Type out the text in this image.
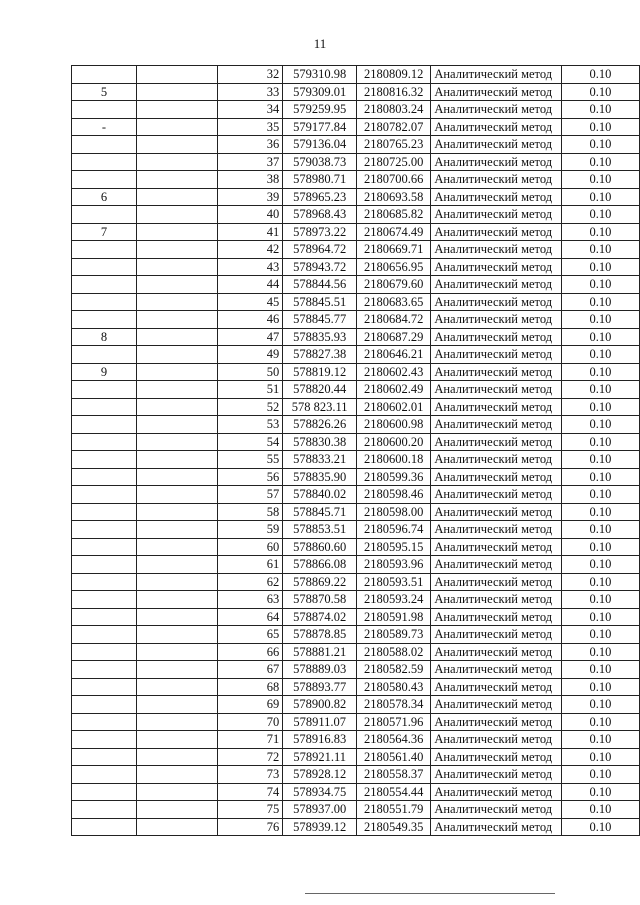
11
		32	579310.98	2180809.12	Аналитический метод	0.10
5		33	579309.01	2180816.32	Аналитический метод	0.10
		34	579259.95	2180803.24	Аналитический метод	0.10
-		35	579177.84	2180782.07	Аналитический метод	0.10
		36	579136.04	2180765.23	Аналитический метод	0.10
		37	579038.73	2180725.00	Аналитический метод	0.10
		38	578980.71	2180700.66	Аналитический метод	0.10
6		39	578965.23	2180693.58	Аналитический метод	0.10
		40	578968.43	2180685.82	Аналитический метод	0.10
7		41	578973.22	2180674.49	Аналитический метод	0.10
		42	578964.72	2180669.71	Аналитический метод	0.10
		43	578943.72	2180656.95	Аналитический метод	0.10
		44	578844.56	2180679.60	Аналитический метод	0.10
		45	578845.51	2180683.65	Аналитический метод	0.10
		46	578845.77	2180684.72	Аналитический метод	0.10
8		47	578835.93	2180687.29	Аналитический метод	0.10
		49	578827.38	2180646.21	Аналитический метод	0.10
9		50	578819.12	2180602.43	Аналитический метод	0.10
		51	578820.44	2180602.49	Аналитический метод	0.10
		52	578 823.11	2180602.01	Аналитический метод	0.10
		53	578826.26	2180600.98	Аналитический метод	0.10
		54	578830.38	2180600.20	Аналитический метод	0.10
		55	578833.21	2180600.18	Аналитический метод	0.10
		56	578835.90	2180599.36	Аналитический метод	0.10
		57	578840.02	2180598.46	Аналитический метод	0.10
		58	578845.71	2180598.00	Аналитический метод	0.10
		59	578853.51	2180596.74	Аналитический метод	0.10
		60	578860.60	2180595.15	Аналитический метод	0.10
		61	578866.08	2180593.96	Аналитический метод	0.10
		62	578869.22	2180593.51	Аналитический метод	0.10
		63	578870.58	2180593.24	Аналитический метод	0.10
		64	578874.02	2180591.98	Аналитический метод	0.10
		65	578878.85	2180589.73	Аналитический метод	0.10
		66	578881.21	2180588.02	Аналитический метод	0.10
		67	578889.03	2180582.59	Аналитический метод	0.10
		68	578893.77	2180580.43	Аналитический метод	0.10
		69	578900.82	2180578.34	Аналитический метод	0.10
		70	578911.07	2180571.96	Аналитический метод	0.10
		71	578916.83	2180564.36	Аналитический метод	0.10
		72	578921.11	2180561.40	Аналитический метод	0.10
		73	578928.12	2180558.37	Аналитический метод	0.10
		74	578934.75	2180554.44	Аналитический метод	0.10
		75	578937.00	2180551.79	Аналитический метод	0.10
		76	578939.12	2180549.35	Аналитический метод	0.10
